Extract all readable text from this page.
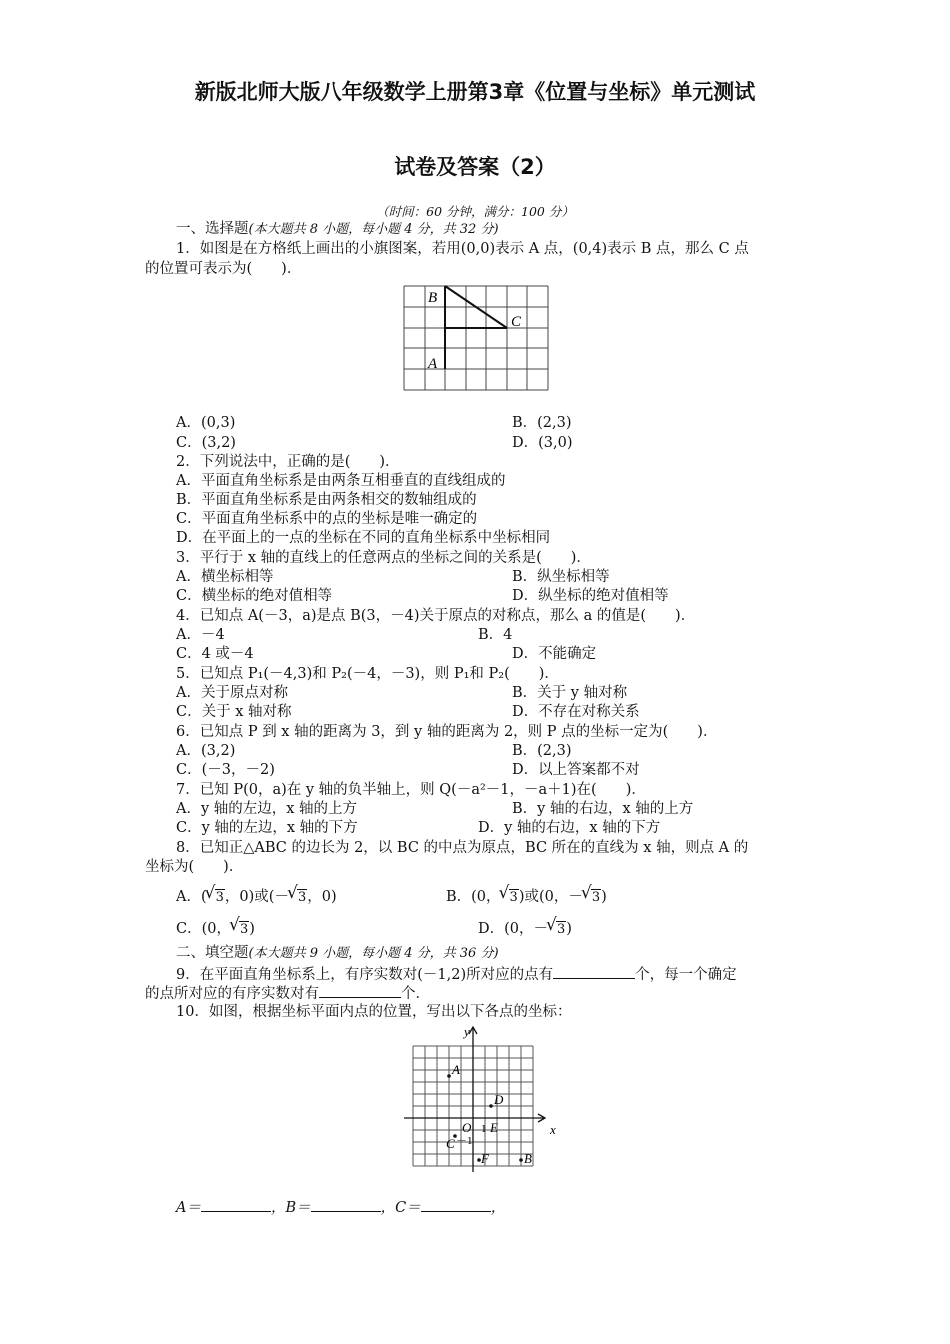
新版北师大版八年级数学上册第3章《位置与坐标》单元测试
试卷及答案（2）
（时间：60 分钟，满分：100 分）
一、选择题(本大题共 8 小题，每小题 4 分，共 32 分)
1．如图是在方格纸上画出的小旗图案，若用(0,0)表示 A 点，(0,4)表示 B 点，那么 C 点
的位置可表示为(　　)．
B
C
A
A．(0,3)	B．(2,3)
C．(3,2)	D．(3,0)
2．下列说法中，正确的是(　　)．
A．平面直角坐标系是由两条互相垂直的直线组成的
B．平面直角坐标系是由两条相交的数轴组成的
C．平面直角坐标系中的点的坐标是唯一确定的
D．在平面上的一点的坐标在不同的直角坐标系中坐标相同
3．平行于 x 轴的直线上的任意两点的坐标之间的关系是(　　)．
A．横坐标相等	B．纵坐标相等
C．横坐标的绝对值相等	D．纵坐标的绝对值相等
4．已知点 A(－3，a)是点 B(3，－4)关于原点的对称点，那么 a 的值是(　　)．
A．－4	B．4
C．4 或－4	D．不能确定
5．已知点 P₁(－4,3)和 P₂(－4，－3)，则 P₁和 P₂(　　)．
A．关于原点对称	B．关于 y 轴对称
C．关于 x 轴对称	D．不存在对称关系
6．已知点 P 到 x 轴的距离为 3，到 y 轴的距离为 2，则 P 点的坐标一定为(　　)．
A．(3,2)	B．(2,3)
C．(－3，－2)	D．以上答案都不对
7．已知 P(0，a)在 y 轴的负半轴上，则 Q(－a²－1，－a＋1)在(　　)．
A．y 轴的左边，x 轴的上方	B．y 轴的右边，x 轴的上方
C．y 轴的左边，x 轴的下方	D．y 轴的右边，x 轴的下方
8．已知正△ABC 的边长为 2，以 BC 的中点为原点，BC 所在的直线为 x 轴，则点 A 的
坐标为(　　)．
A．( √ 3，0)或(－ √ 3，0)	B．(0， √ 3)或(0，－ √ 3)
C．(0， √ 3)	D．(0，－ √ 3)
二、填空题(本大题共 9 小题，每小题 4 分，共 36 分)
9．在平面直角坐标系上，有序实数对(－1,2)所对应的点有	个，每一个确定
的点所对应的有序实数对有	个．
10．如图，根据坐标平面内点的位置，写出以下各点的坐标：
x
y
A
D
O E
C
F	B
1
－1
A＝	，B＝	，C＝	，
